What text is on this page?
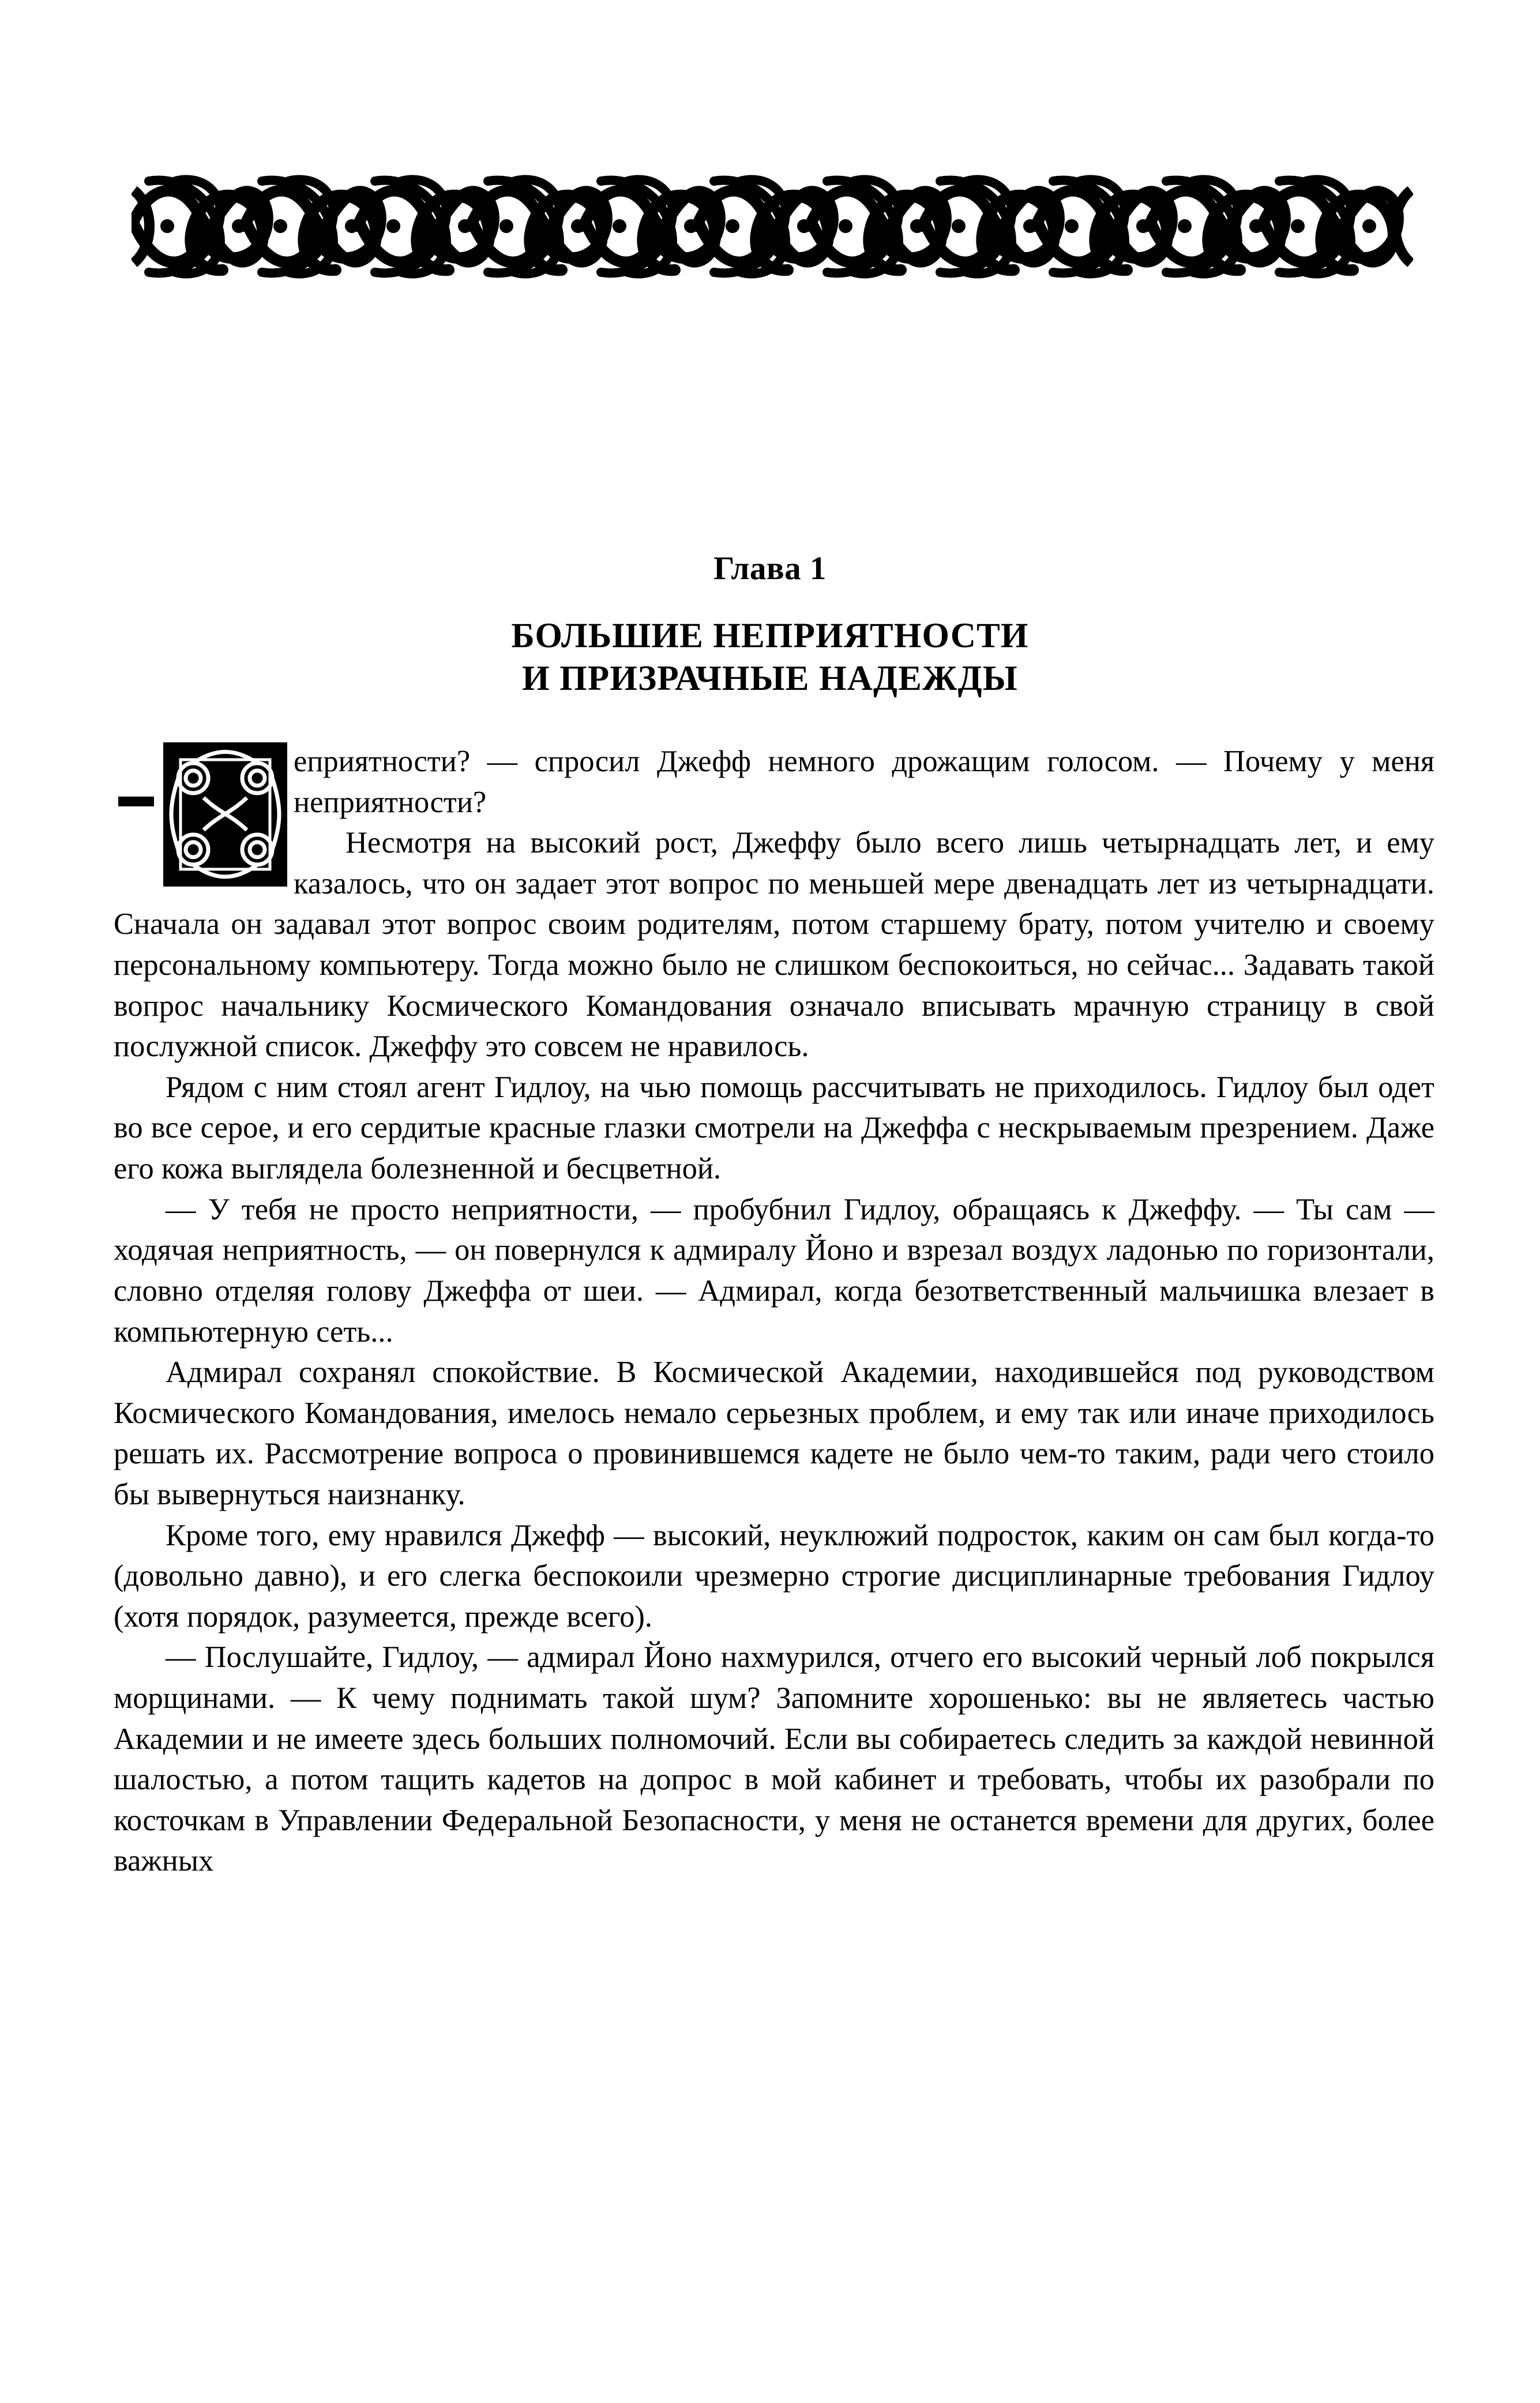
Глава 1
БОЛЬШИЕ НЕПРИЯТНОСТИ
И ПРИЗРАЧНЫЕ НАДЕЖДЫ

еприятности? — спросил Джефф немного дрожащим голосом. — Почему у меня неприятности?

Несмотря на высокий рост, Джеффу было всего лишь четырнадцать лет, и ему казалось, что он задает этот вопрос по меньшей мере двенадцать лет из четырнадцати. Сначала он задавал этот вопрос своим родителям, потом старшему брату, потом учителю и своему персональному компьютеру. Тогда можно было не слишком беспокоиться, но сейчас... Задавать такой вопрос начальнику Космического Командования означало вписывать мрачную страницу в свой послужной список. Джеффу это совсем не нравилось.

Рядом с ним стоял агент Гидлоу, на чью помощь рассчитывать не приходилось. Гидлоу был одет во все серое, и его сердитые красные глазки смотрели на Джеффа с нескрываемым презрением. Даже его кожа выглядела болезненной и бесцветной.

— У тебя не просто неприятности, — пробубнил Гидлоу, обращаясь к Джеффу. — Ты сам — ходячая неприятность, — он повернулся к адмиралу Йоно и взрезал воздух ладонью по горизонтали, словно отделяя голову Джеффа от шеи. — Адмирал, когда безответственный мальчишка влезает в компьютерную сеть...

Адмирал сохранял спокойствие. В Космической Академии, находившейся под руководством Космического Командования, имелось немало серьезных проблем, и ему так или иначе приходилось решать их. Рассмотрение вопроса о провинившемся кадете не было чем-то таким, ради чего стоило бы вывернуться наизнанку.

Кроме того, ему нравился Джефф — высокий, неуклюжий подросток, каким он сам был когда-то (довольно давно), и его слегка беспокоили чрезмерно строгие дисциплинарные требования Гидлоу (хотя порядок, разумеется, прежде всего).

— Послушайте, Гидлоу, — адмирал Йоно нахмурился, отчего его высокий черный лоб покрылся морщинами. — К чему поднимать такой шум? Запомните хорошенько: вы не являетесь частью Академии и не имеете здесь больших полномочий. Если вы собираетесь следить за каждой невинной шалостью, а потом тащить кадетов на допрос в мой кабинет и требовать, чтобы их разобрали по косточкам в Управлении Федеральной Безопасности, у меня не останется времени для других, более важных
